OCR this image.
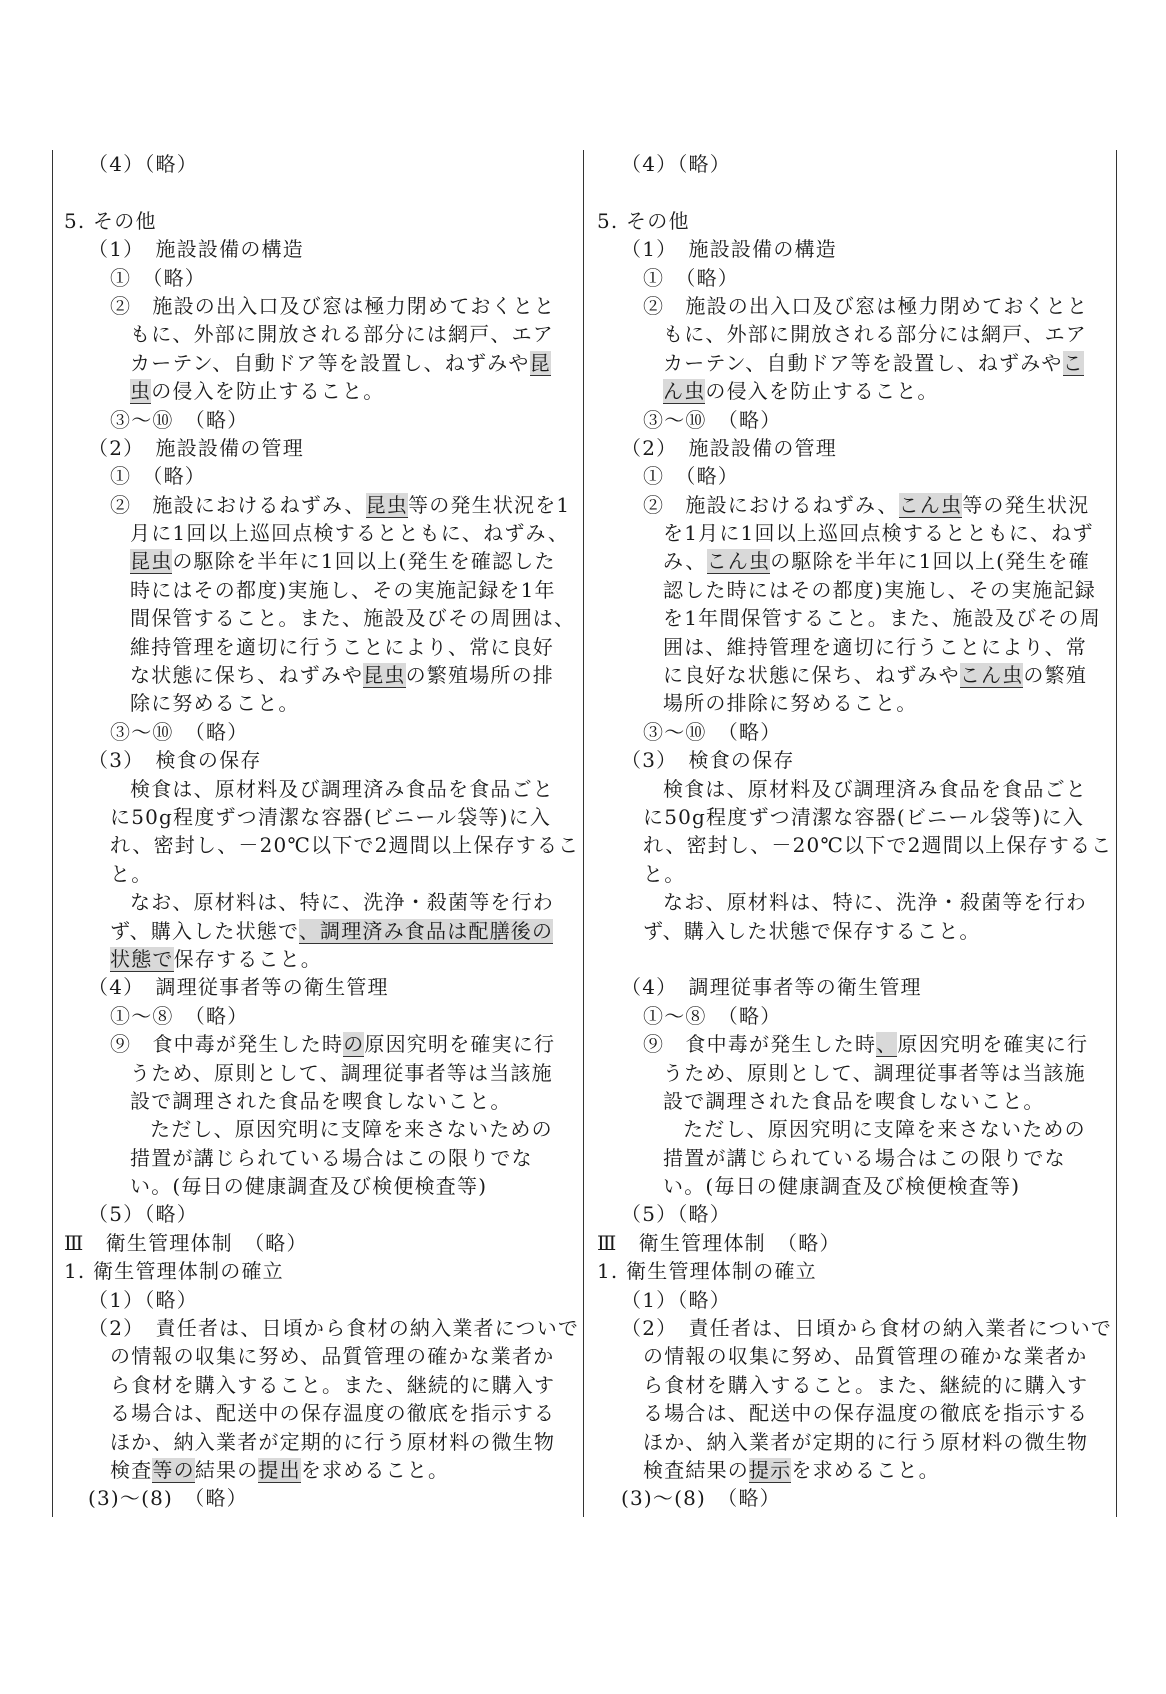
（4）（略）
5. その他
（1）　施設設備の構造
①　（略）
②　施設の出入口及び窓は極力閉めておくとと
もに、外部に開放される部分には網戸、エア
カーテン、自動ドア等を設置し、ねずみや昆
虫の侵入を防止すること。
③～⑩　（略）
（2）　施設設備の管理
①　（略）
②　施設におけるねずみ、昆虫等の発生状況を1
月に1回以上巡回点検するとともに、ねずみ、
昆虫の駆除を半年に1回以上(発生を確認した
時にはその都度)実施し、その実施記録を1年
間保管すること。また、施設及びその周囲は、
維持管理を適切に行うことにより、常に良好
な状態に保ち、ねずみや昆虫の繁殖場所の排
除に努めること。
③～⑩　（略）
（3）　検食の保存
検食は、原材料及び調理済み食品を食品ごと
に50g程度ずつ清潔な容器(ビニール袋等)に入
れ、密封し、－20℃以下で2週間以上保存するこ
と。
なお、原材料は、特に、洗浄・殺菌等を行わ
ず、購入した状態で、調理済み食品は配膳後の
状態で保存すること。
（4）　調理従事者等の衛生管理
①～⑧　（略）
⑨　食中毒が発生した時の原因究明を確実に行
うため、原則として、調理従事者等は当該施
設で調理された食品を喫食しないこと。
ただし、原因究明に支障を来さないための
措置が講じられている場合はこの限りでな
い。(毎日の健康調査及び検便検査等)
（5）（略）
Ⅲ　衛生管理体制　（略）
1. 衛生管理体制の確立
（1）（略）
（2）　責任者は、日頃から食材の納入業者についで
の情報の収集に努め、品質管理の確かな業者か
ら食材を購入すること。また、継続的に購入す
る場合は、配送中の保存温度の徹底を指示する
ほか、納入業者が定期的に行う原材料の微生物
検査等の結果の提出を求めること。
(3)～(8)　（略）
（4）（略）
5. その他
（1）　施設設備の構造
①　（略）
②　施設の出入口及び窓は極力閉めておくとと
もに、外部に開放される部分には網戸、エア
カーテン、自動ドア等を設置し、ねずみやこ
ん虫の侵入を防止すること。
③～⑩　（略）
（2）　施設設備の管理
①　（略）
②　施設におけるねずみ、こん虫等の発生状況
を1月に1回以上巡回点検するとともに、ねず
み、こん虫の駆除を半年に1回以上(発生を確
認した時にはその都度)実施し、その実施記録
を1年間保管すること。また、施設及びその周
囲は、維持管理を適切に行うことにより、常
に良好な状態に保ち、ねずみやこん虫の繁殖
場所の排除に努めること。
③～⑩　（略）
（3）　検食の保存
検食は、原材料及び調理済み食品を食品ごと
に50g程度ずつ清潔な容器(ビニール袋等)に入
れ、密封し、－20℃以下で2週間以上保存するこ
と。
なお、原材料は、特に、洗浄・殺菌等を行わ
ず、購入した状態で保存すること。
（4）　調理従事者等の衛生管理
①～⑧　（略）
⑨　食中毒が発生した時、原因究明を確実に行
うため、原則として、調理従事者等は当該施
設で調理された食品を喫食しないこと。
ただし、原因究明に支障を来さないための
措置が講じられている場合はこの限りでな
い。(毎日の健康調査及び検便検査等)
（5）（略）
Ⅲ　衛生管理体制　（略）
1. 衛生管理体制の確立
（1）（略）
（2）　責任者は、日頃から食材の納入業者についで
の情報の収集に努め、品質管理の確かな業者か
ら食材を購入すること。また、継続的に購入す
る場合は、配送中の保存温度の徹底を指示する
ほか、納入業者が定期的に行う原材料の微生物
検査結果の提示を求めること。
(3)～(8)　（略）
